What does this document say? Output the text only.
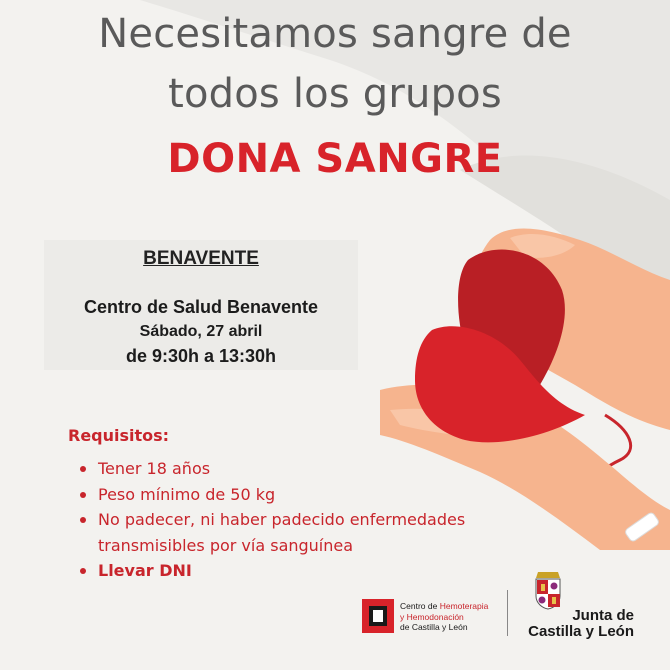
Necesitamos sangre de
todos los grupos
DONA SANGRE
BENAVENTE
Centro de Salud Benavente
Sábado, 27 abril
de 9:30h a 13:30h
Requisitos:
Tener 18 años
Peso mínimo de 50 kg
No padecer, ni haber padecido enfermedades
transmisibles por vía sanguínea
Llevar DNI
Centro de Hemoterapia
y Hemodonación
de Castilla y León
Junta de
Castilla y León
